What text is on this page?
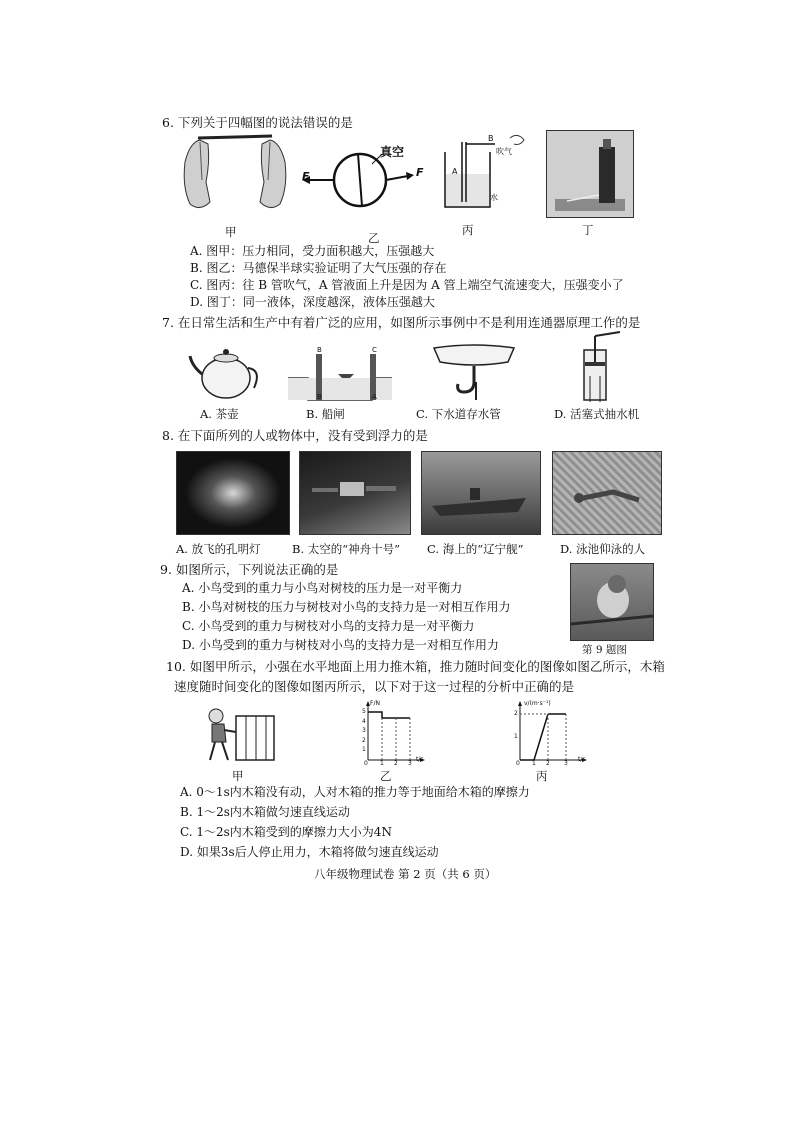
6. 下列关于四幅图的说法错误的是
甲
F	F
真空
乙
A
B
吹气
水
丙	丁
A. 图甲：压力相同，受力面积越大，压强越大
B. 图乙：马德保半球实验证明了大气压强的存在
C. 图丙：往 B 管吹气，A 管液面上升是因为 A 管上端空气流速变大，压强变小了
D. 图丁：同一液体，深度越深，液体压强越大
7. 在日常生活和生产中有着广泛的应用，如图所示事例中不是利用连通器原理工作的是
A. 茶壶
B	C
B	A
B. 船闸	C. 下水道存水管	D. 活塞式抽水机
8. 在下面所列的人或物体中，没有受到浮力的是
A. 放飞的孔明灯	B. 太空的“神舟十号” C. 海上的“辽宁舰”	D. 泳池仰泳的人
9. 如图所示，下列说法正确的是
A. 小鸟受到的重力与小鸟对树枝的压力是一对平衡力
B. 小鸟对树枝的压力与树枝对小鸟的支持力是一对相互作用力
C. 小鸟受到的重力与树枝对小鸟的支持力是一对平衡力
D. 小鸟受到的重力与树枝对小鸟的支持力是一对相互作用力	第 9 题图
10. 如图甲所示，小强在水平地面上用力推木箱，推力随时间变化的图像如图乙所示，木箱
速度随时间变化的图像如图丙所示，以下对于这一过程的分析中正确的是
甲
F/N
t/s
5
4
3
2
1
0 1 2 3
乙
v/(m·s⁻¹)
t/s
2
1
0 1 2 3
丙
A. 0～1s内木箱没有动，人对木箱的推力等于地面给木箱的摩擦力
B. 1～2s内木箱做匀速直线运动
C. 1～2s内木箱受到的摩擦力大小为4N
D. 如果3s后人停止用力，木箱将做匀速直线运动
八年级物理试卷 第 2 页（共 6 页）
